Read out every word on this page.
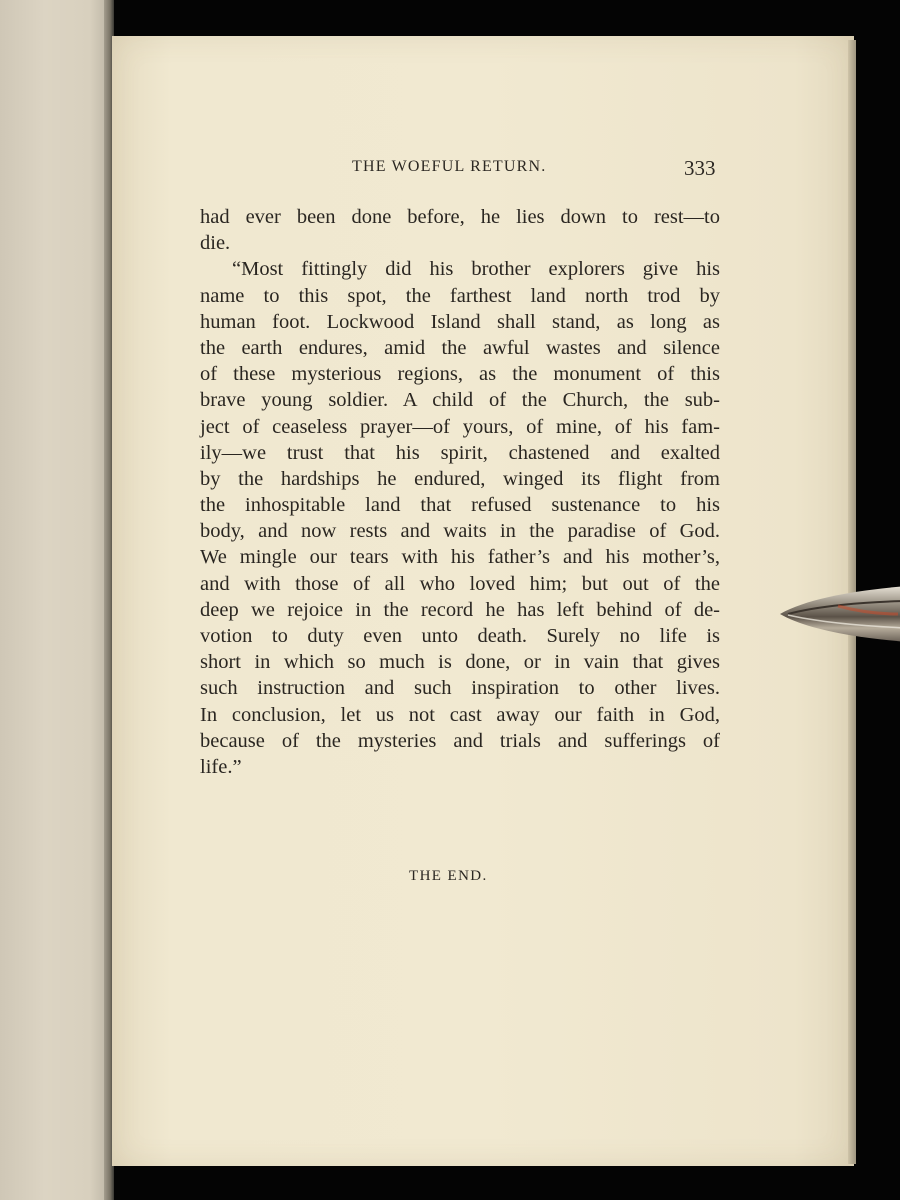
THE WOEFUL RETURN.	333
had ever been done before, he lies down to rest—to
die.
“Most fittingly did his brother explorers give his
name to this spot, the farthest land north trod by
human foot. Lockwood Island shall stand, as long as
the earth endures, amid the awful wastes and silence
of these mysterious regions, as the monument of this
brave young soldier. A child of the Church, the sub-
ject of ceaseless prayer—of yours, of mine, of his fam-
ily—we trust that his spirit, chastened and exalted
by the hardships he endured, winged its flight from
the inhospitable land that refused sustenance to his
body, and now rests and waits in the paradise of God.
We mingle our tears with his father’s and his mother’s,
and with those of all who loved him; but out of the
deep we rejoice in the record he has left behind of de-
votion to duty even unto death. Surely no life is
short in which so much is done, or in vain that gives
such instruction and such inspiration to other lives.
In conclusion, let us not cast away our faith in God,
because of the mysteries and trials and sufferings of
life.”
THE END.
